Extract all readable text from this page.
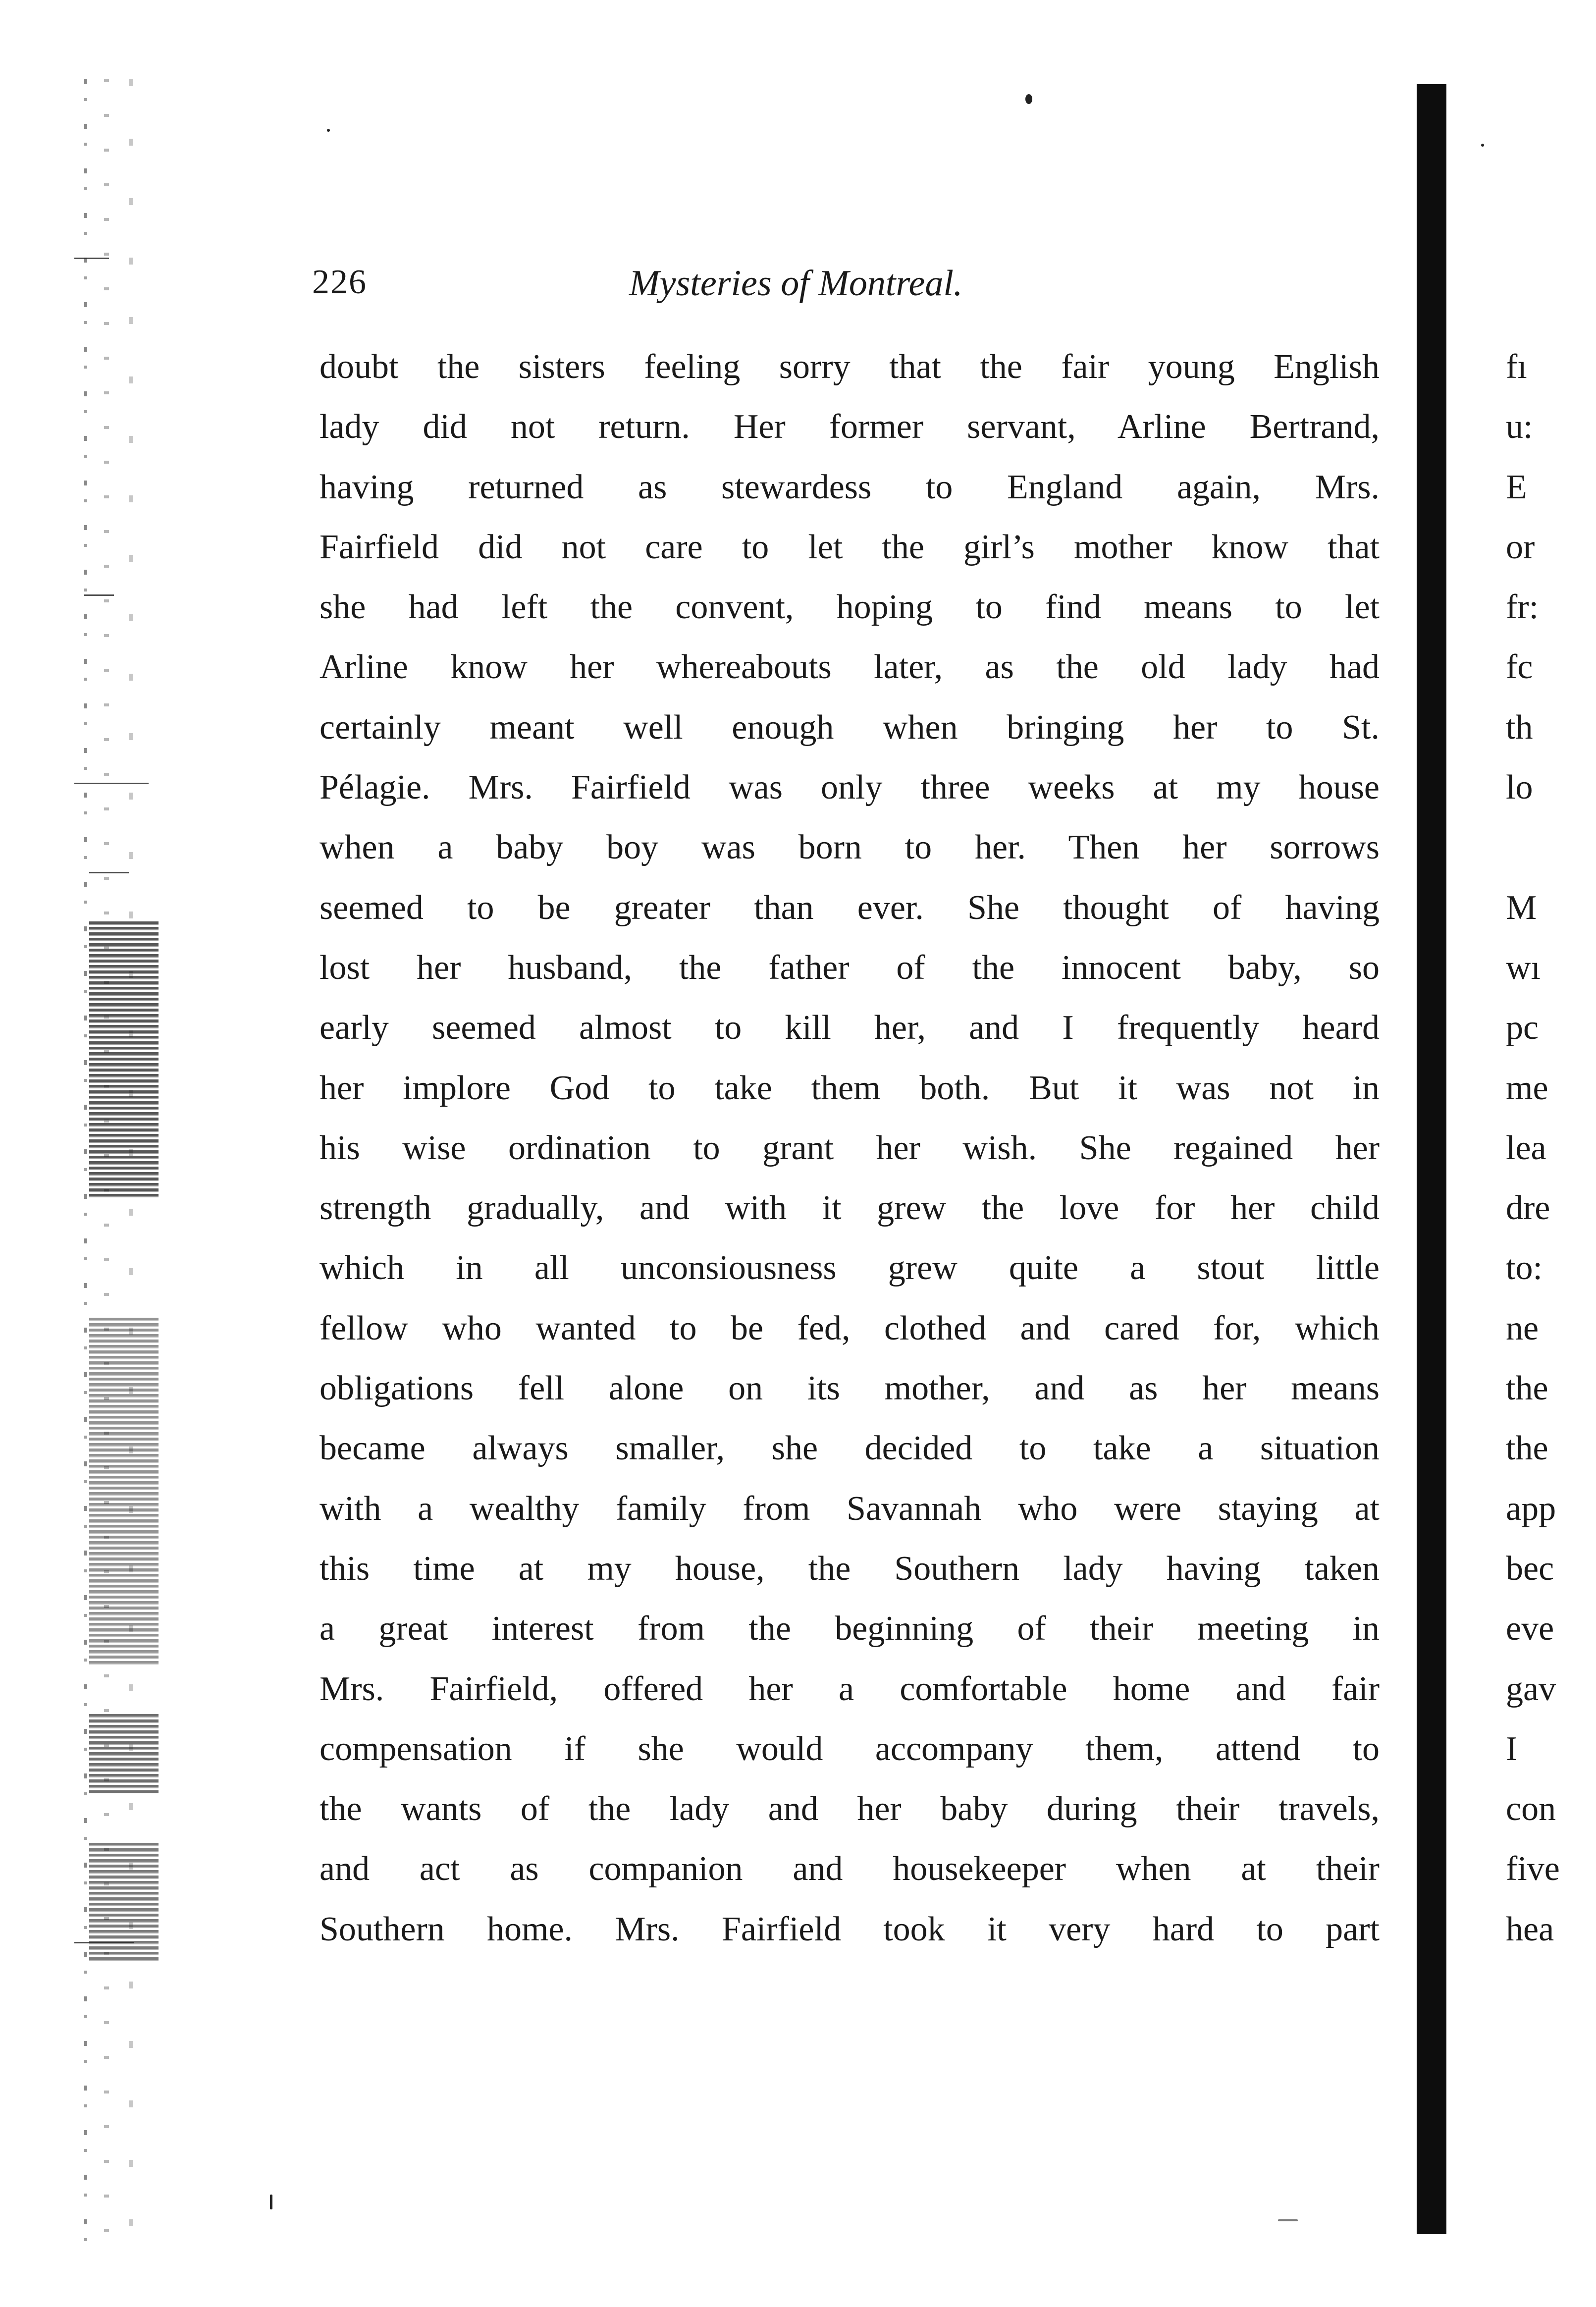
226	Mysteries of Montreal.
doubt the sisters feeling sorry that the fair young English
lady did not return. Her former servant, Arline Bertrand,
having returned as stewardess to England again, Mrs.
Fairfield did not care to let the girl’s mother know that
she had left the convent, hoping to find means to let
Arline know her whereabouts later, as the old lady had
certainly meant well enough when bringing her to St.
Pélagie. Mrs. Fairfield was only three weeks at my house
when a baby boy was born to her. Then her sorrows
seemed to be greater than ever. She thought of having
lost her husband, the father of the innocent baby, so
early seemed almost to kill her, and I frequently heard
her implore God to take them both. But it was not in
his wise ordination to grant her wish. She regained her
strength gradually, and with it grew the love for her child
which in all unconsiousness grew quite a stout little
fellow who wanted to be fed, clothed and cared for, which
obligations fell alone on its mother, and as her means
became always smaller, she decided to take a situation
with a wealthy family from Savannah who were staying at
this time at my house, the Southern lady having taken
a great interest from the beginning of their meeting in
Mrs. Fairfield, offered her a comfortable home and fair
compensation if she would accompany them, attend to
the wants of the lady and her baby during their travels,
and act as companion and housekeeper when at their
Southern home. Mrs. Fairfield took it very hard to part
fı
u:
E
or
fr:
fc
th
lo
M
wı
pc
me
lea
dre
to:
ne
the
the
app
bec
eve
gav
I
con
five
hea
